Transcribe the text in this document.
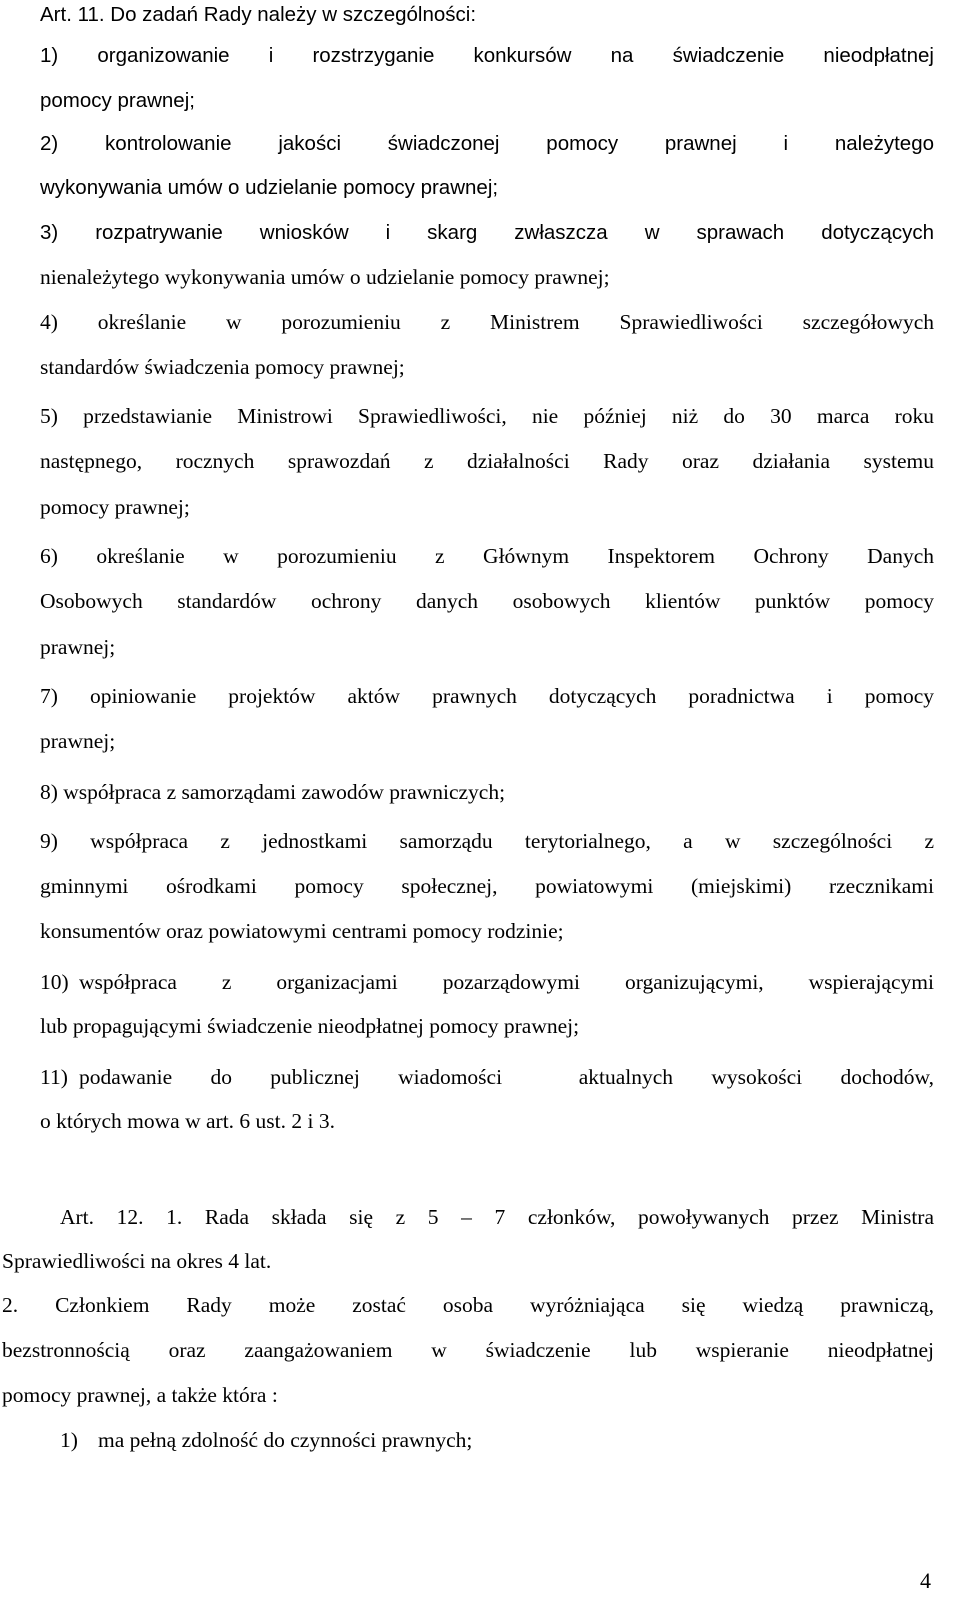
Art. 11. Do zadań Rady należy w szczególności:
1) organizowanie i rozstrzyganie konkursów na świadczenie nieodpłatnej
pomocy prawnej;
2) kontrolowanie jakości świadczonej pomocy prawnej i należytego
wykonywania umów o udzielanie pomocy prawnej;
3) rozpatrywanie wniosków i skarg zwłaszcza w sprawach dotyczących
nienależytego wykonywania umów o udzielanie pomocy prawnej;
4) określanie w porozumieniu z Ministrem Sprawiedliwości szczegółowych
standardów świadczenia pomocy prawnej;
5) przedstawianie Ministrowi Sprawiedliwości, nie później niż do 30 marca roku
następnego, rocznych sprawozdań z działalności Rady oraz działania systemu
pomocy prawnej;
6) określanie w porozumieniu z Głównym Inspektorem Ochrony Danych
Osobowych standardów ochrony danych osobowych klientów punktów pomocy
prawnej;
7) opiniowanie projektów aktów prawnych dotyczących poradnictwa i pomocy
prawnej;
8) współpraca z samorządami zawodów prawniczych;
9) współpraca z jednostkami samorządu terytorialnego, a w szczególności z
gminnymi ośrodkami pomocy społecznej, powiatowymi (miejskimi) rzecznikami
konsumentów oraz powiatowymi centrami pomocy rodzinie;
10) współpraca z organizacjami pozarządowymi organizującymi, wspierającymi
lub propagującymi świadczenie nieodpłatnej pomocy prawnej;
11) podawanie do publicznej wiadomości  aktualnych wysokości dochodów,
o których mowa w art. 6 ust. 2 i 3.
Art. 12. 1. Rada składa się z 5 – 7 członków, powoływanych przez Ministra
Sprawiedliwości na okres 4 lat.
2. Członkiem Rady może zostać osoba wyróżniająca się wiedzą prawniczą,
bezstronnością oraz zaangażowaniem w świadczenie lub wspieranie nieodpłatnej
pomocy prawnej, a także która :
1) ma pełną zdolność do czynności prawnych;
4
